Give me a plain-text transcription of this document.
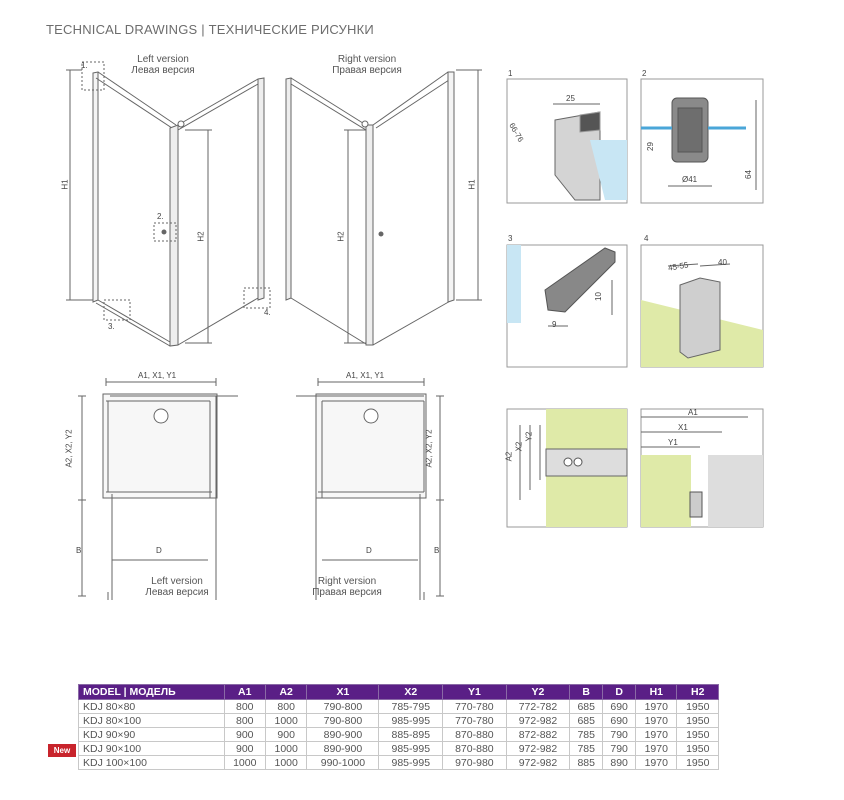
TECHNICAL DRAWINGS | ТЕХНИЧЕСКИЕ РИСУНКИ
Left version
Левая версия
Right version
Правая версия
H1
H2	H2
H1
1.
2.
3.
4.
A1, X1, Y1	A1, X1, Y1
A2, X2, Y2	A2, X2, Y2
B	B
D	D
Left version
Левая версия
Right version
Правая версия
1
25
66-76
2
29
64
Ø41
3
10
9
4
45-55	40
A2
X2
Y2
A1
X1
Y1
New
MODEL | МОДЕЛЬ	A1	A2	X1	X2	Y1	Y2	B	D	H1	H2
KDJ 80×80	800	800	790-800	785-795	770-780	772-782	685	690	1970	1950
KDJ 80×100	800	1000	790-800	985-995	770-780	972-982	685	690	1970	1950
KDJ 90×90	900	900	890-900	885-895	870-880	872-882	785	790	1970	1950
KDJ 90×100	900	1000	890-900	985-995	870-880	972-982	785	790	1970	1950
KDJ 100×100	1000	1000	990-1000	985-995	970-980	972-982	885	890	1970	1950
